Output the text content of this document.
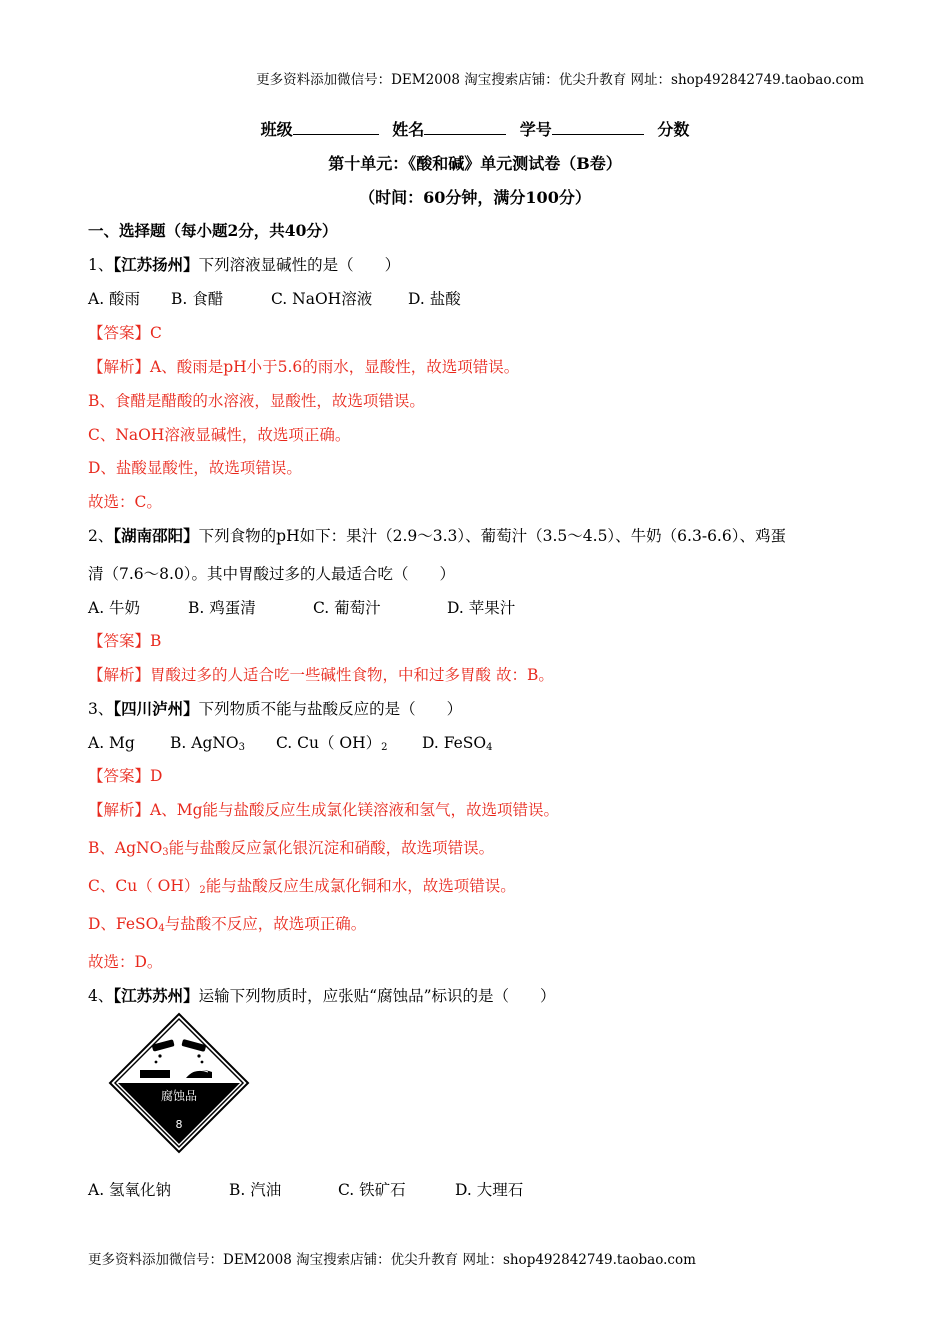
更多资料添加微信号：DEM2008 淘宝搜索店铺：优尖升教育 网址：shop492842749.taobao.com
班级	姓名	学号	分数
第十单元：《酸和碱》单元测试卷（B卷）
（时间：60分钟，满分100分）
一、选择题（每小题2分，共40分）
1、【江苏扬州】下列溶液显碱性的是（　　）
A. 酸雨 B. 食醋	C. NaOH溶液 D. 盐酸
【答案】C
【解析】A、酸雨是pH小于5.6的雨水，显酸性，故选项错误。
B、食醋是醋酸的水溶液，显酸性，故选项错误。
C、NaOH溶液显碱性，故选项正确。
D、盐酸显酸性，故选项错误。
故选：C。
2、【湖南邵阳】下列食物的pH如下：果汁（2.9～3.3）、葡萄汁（3.5～4.5）、牛奶（6.3-6.6）、鸡蛋
清（7.6～8.0）。其中胃酸过多的人最适合吃（　　）
A. 牛奶	B. 鸡蛋清	C. 葡萄汁	D. 苹果汁
【答案】B
【解析】胃酸过多的人适合吃一些碱性食物，中和过多胃酸 故：B。
3、【四川泸州】下列物质不能与盐酸反应的是（　　）
A. Mg B. AgNO$_3$ C. Cu（ $OH)_2$ D. FeSO$_4$
【答案】D
【解析】A、Mg能与盐酸反应生成氯化镁溶液和氢气，故选项错误。
B、AgNO$_3$能与盐酸反应氯化银沉淀和硝酸，故选项错误。
C、Cu（ $OH)_2$能与盐酸反应生成氯化铜和水，故选项错误。
D、FeSO$_4$与盐酸不反应，故选项正确。
故选：D。
4、【江苏苏州】运输下列物质时，应张贴“腐蚀品”标识的是（　　）
腐蚀品
8
A. 氢氧化钠	B. 汽油	C. 铁矿石	D. 大理石
更多资料添加微信号：DEM2008 淘宝搜索店铺：优尖升教育 网址：shop492842749.taobao.com
